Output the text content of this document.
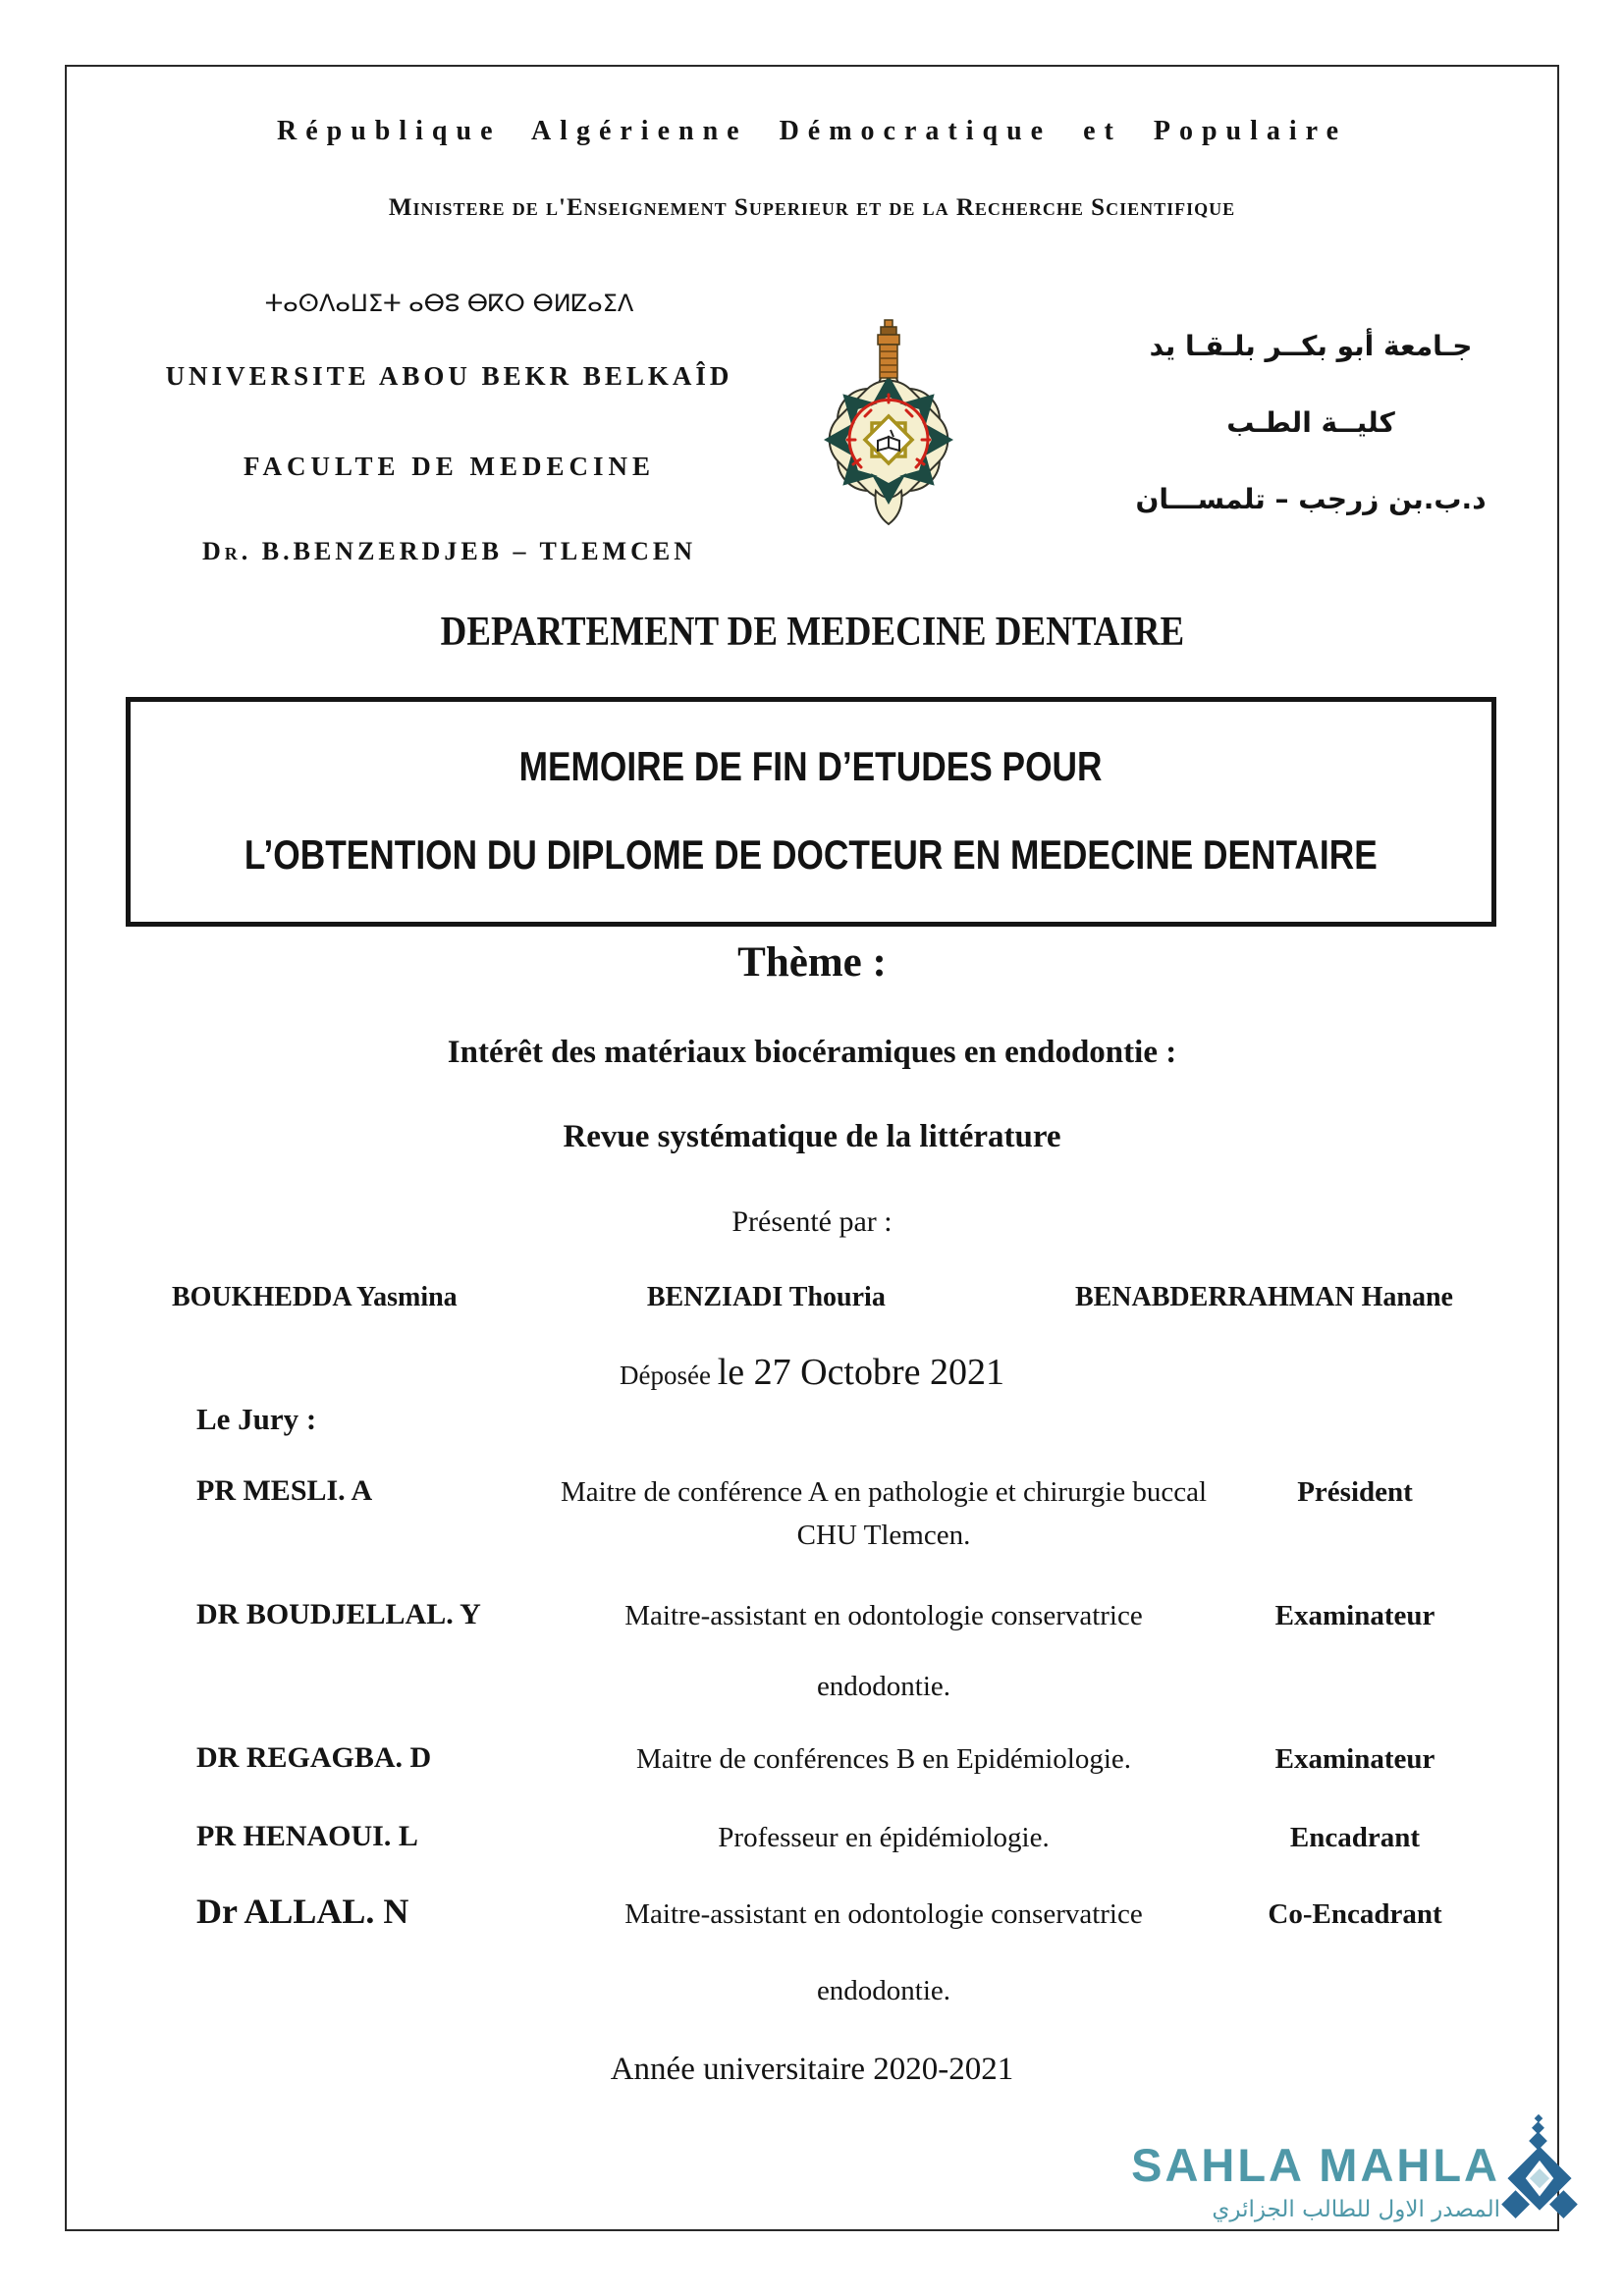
République Algérienne Démocratique et Populaire
Ministere de l'Enseignement Superieur et de la Recherche Scientifique
ⵜⴰⵙⴷⴰⵡⵉⵜ ⴰⴱⵓ ⴱⴽⵔ ⴱⵍⵇⴰⵉⴷ
UNIVERSITE ABOU BEKR BELKAÎD
FACULTE DE MEDECINE
Dr. B.BENZERDJEB – TLEMCEN
جـامعة أبو بكــر بلـقـا يد
كليــة الطـب
د.ب.بن زرجب – تلمســـان
DEPARTEMENT DE MEDECINE DENTAIRE
MEMOIRE DE FIN D’ETUDES POUR
L’OBTENTION DU DIPLOME DE DOCTEUR EN MEDECINE DENTAIRE
Thème :
Intérêt des matériaux biocéramiques en endodontie :
Revue systématique de la littérature
Présenté par :
BOUKHEDDA Yasmina	BENZIADI Thouria	BENABDERRAHMAN Hanane
Déposée le 27 Octobre 2021
Le Jury :
PR MESLI. A	Maitre de conférence A en pathologie et chirurgie buccal	Président
CHU Tlemcen.
DR BOUDJELLAL. Y	Maitre-assistant en odontologie conservatrice	Examinateur
endodontie.
DR REGAGBA. D	Maitre de conférences B en Epidémiologie.	Examinateur
PR HENAOUI. L	Professeur en épidémiologie.	Encadrant
Dr ALLAL. N	Maitre-assistant en odontologie conservatrice	Co-Encadrant
endodontie.
Année universitaire 2020-2021
SAHLA MAHLA
المصدر الاول للطالب الجزائري
